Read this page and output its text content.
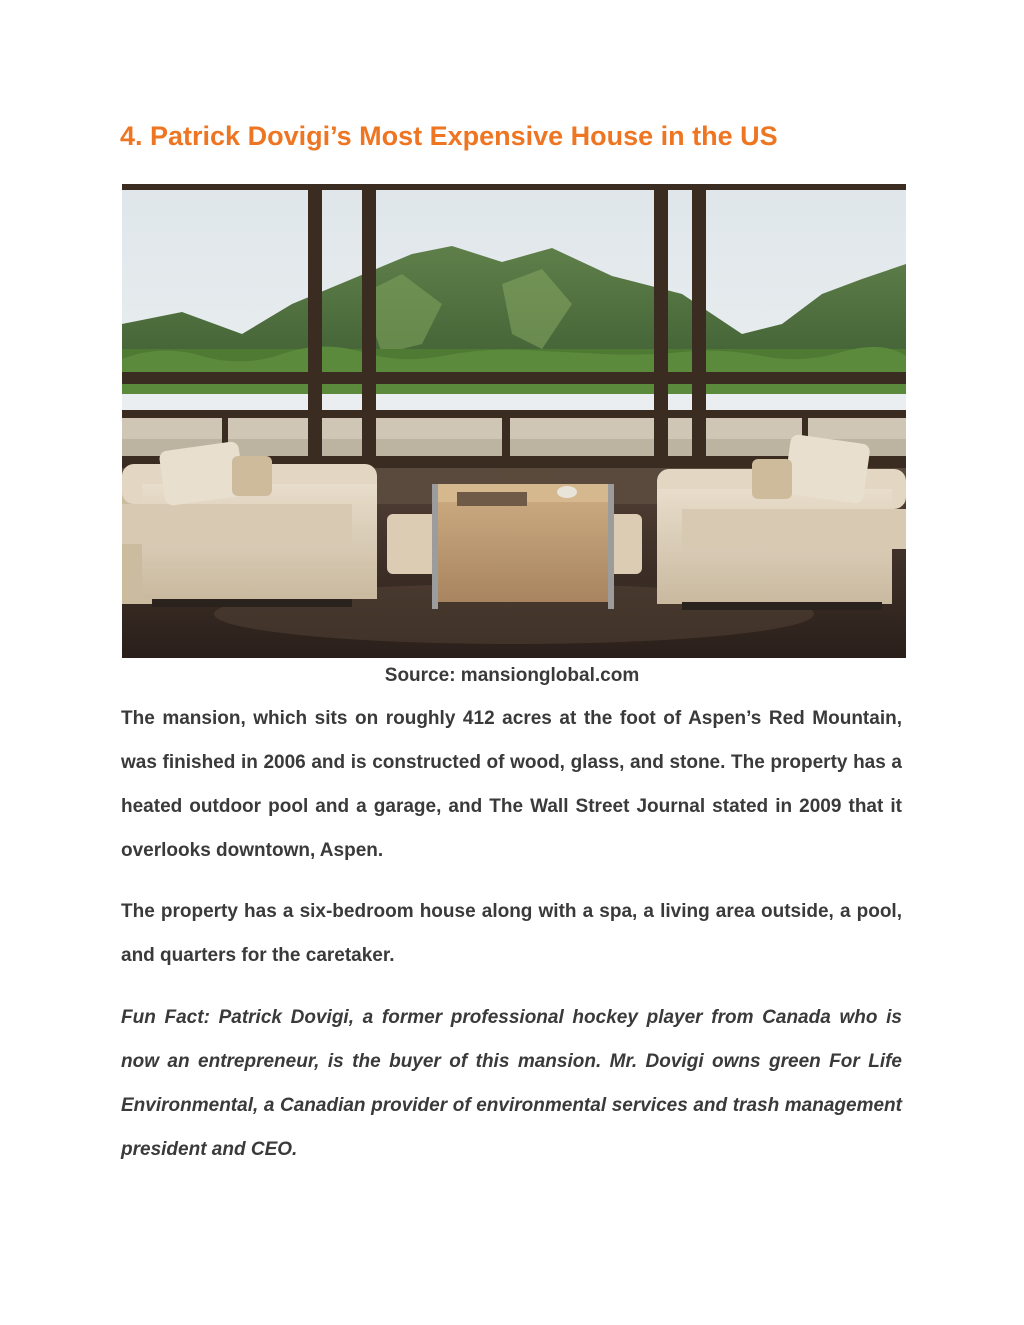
4. Patrick Dovigi’s Most Expensive House in the US

Source: mansionglobal.com

The mansion, which sits on roughly 412 acres at the foot of Aspen’s Red Mountain, was finished in 2006 and is constructed of wood, glass, and stone. The property has a heated outdoor pool and a garage, and The Wall Street Journal stated in 2009 that it overlooks downtown, Aspen.

The property has a six-bedroom house along with a spa, a living area outside, a pool, and quarters for the caretaker.

Fun Fact: Patrick Dovigi, a former professional hockey player from Canada who is now an entrepreneur, is the buyer of this mansion. Mr. Dovigi owns green For Life Environmental, a Canadian provider of environmental services and trash management president and CEO.
